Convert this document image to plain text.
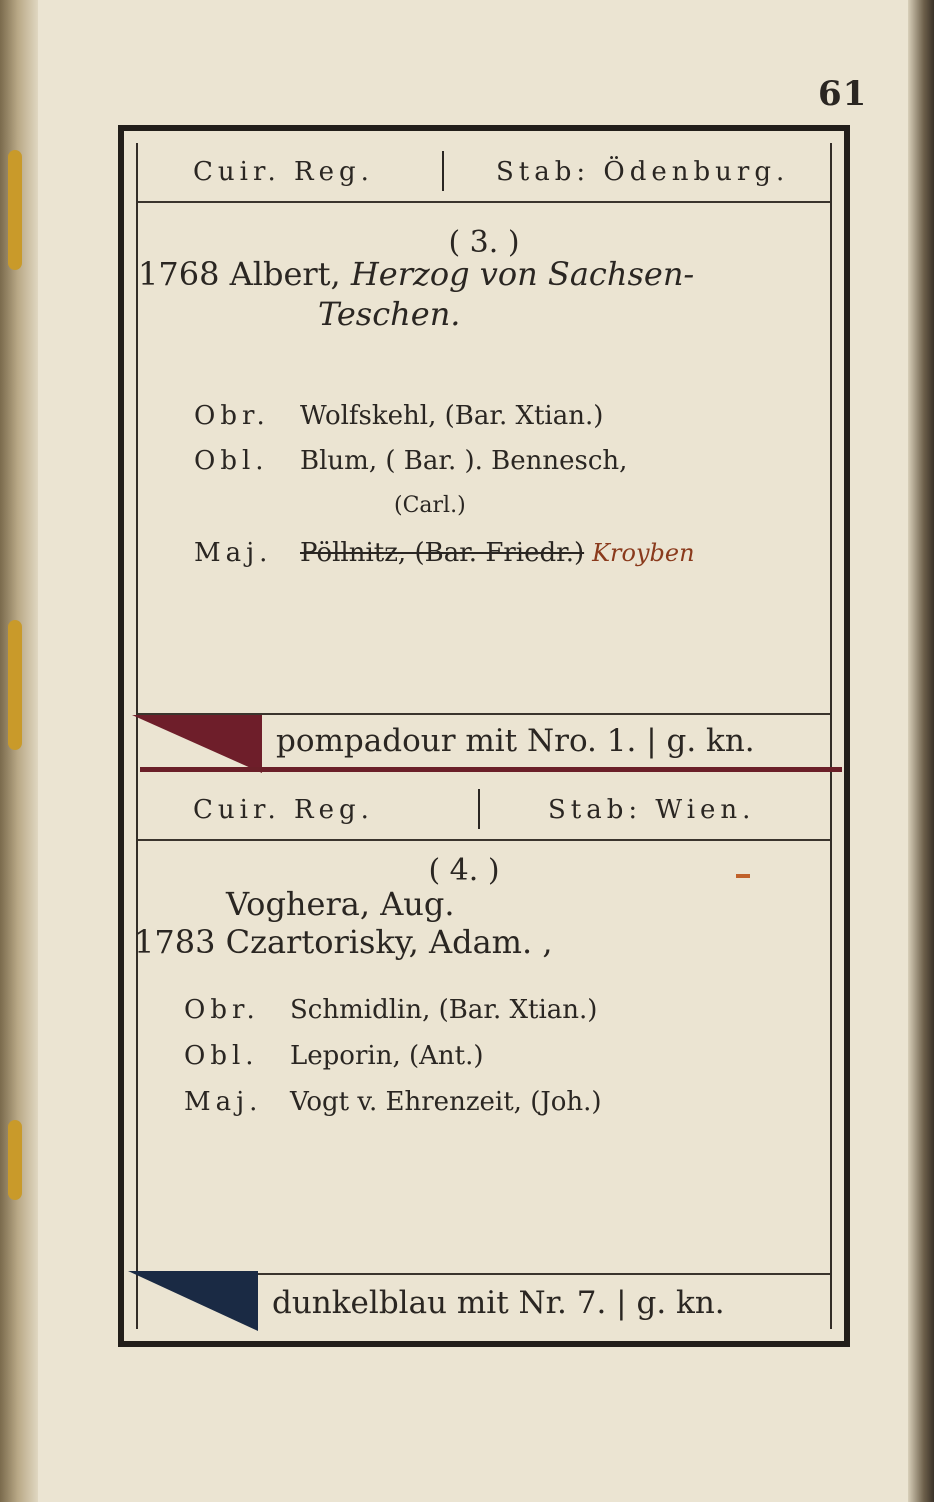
61
Cuir. Reg.	Stab: Ödenburg.
( 3. )
1768 Albert, Herzog von Sachsen-
Teschen.
Obr. Wolfskehl, (Bar. Xtian.)
Obl. Blum, ( Bar. ). Bennesch,
(Carl.)
Maj. Pöllnitz, (Bar. Friedr.) Kroyben
pompadour mit Nro. 1. | g. kn.
Cuir. Reg.	Stab: Wien.
( 4. )
Voghera, Aug.
1783 Czartorisky, Adam. ,
Obr. Schmidlin, (Bar. Xtian.)
Obl. Leporin, (Ant.)
Maj. Vogt v. Ehrenzeit, (Joh.)
dunkelblau mit Nr. 7. | g. kn.
